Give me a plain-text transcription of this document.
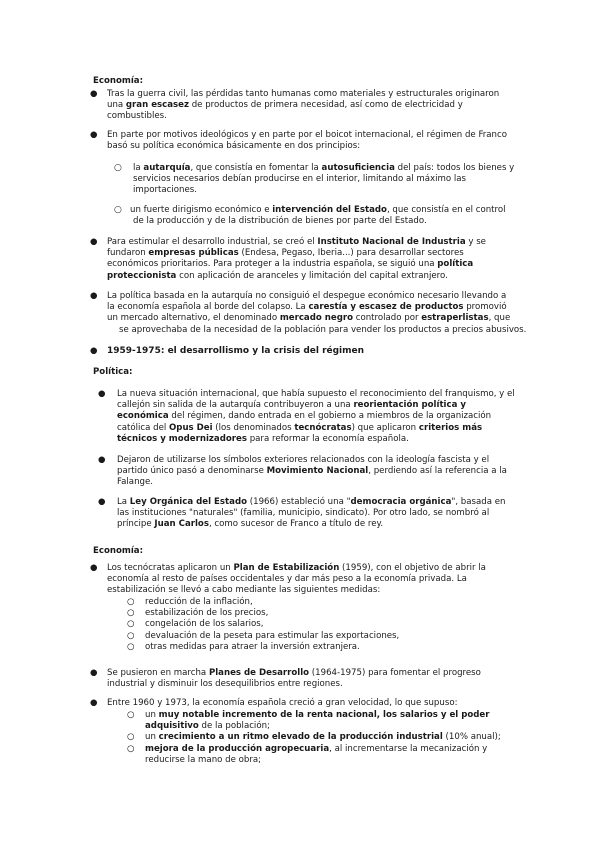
Economía:

● Tras la guerra civil, las pérdidas tanto humanas como materiales y estructurales originaron

una gran escasez de productos de primera necesidad, así como de electricidad y

combustibles.

● En parte por motivos ideológicos y en parte por el boicot internacional, el régimen de Franco

basó su política económica básicamente en dos principios:

○ la autarquía, que consistía en fomentar la autosuficiencia del país: todos los bienes y

servicios necesarios debían producirse en el interior, limitando al máximo las

importaciones.

○ un fuerte dirigismo económico e intervención del Estado, que consistía en el control

de la producción y de la distribución de bienes por parte del Estado.

● Para estimular el desarrollo industrial, se creó el Instituto Nacional de Industria y se

fundaron empresas públicas (Endesa, Pegaso, Iberia...) para desarrollar sectores

económicos prioritarios. Para proteger a la industria española, se siguió una política

proteccionista con aplicación de aranceles y limitación del capital extranjero.

● La política basada en la autarquía no consiguió el despegue económico necesario llevando a

la economía española al borde del colapso. La carestía y escasez de productos promovió

un mercado alternativo, el denominado mercado negro controlado por estraperlistas, que

se aprovechaba de la necesidad de la población para vender los productos a precios abusivos.

● 1959-1975: el desarrollismo y la crisis del régimen

Política:

● La nueva situación internacional, que había supuesto el reconocimiento del franquismo, y el

callejón sin salida de la autarquía contribuyeron a una reorientación política y

económica del régimen, dando entrada en el gobierno a miembros de la organización

católica del Opus Dei (los denominados tecnócratas) que aplicaron criterios más

técnicos y modernizadores para reformar la economía española.

● Dejaron de utilizarse los símbolos exteriores relacionados con la ideología fascista y el

partido único pasó a denominarse Movimiento Nacional, perdiendo así la referencia a la

Falange.

● La Ley Orgánica del Estado (1966) estableció una "democracia orgánica", basada en

las instituciones "naturales" (familia, municipio, sindicato). Por otro lado, se nombró al

príncipe Juan Carlos, como sucesor de Franco a título de rey.

Economía:

● Los tecnócratas aplicaron un Plan de Estabilización (1959), con el objetivo de abrir la

economía al resto de países occidentales y dar más peso a la economía privada. La

estabilización se llevó a cabo mediante las siguientes medidas:

○ reducción de la inflación,
○ estabilización de los precios,
○ congelación de los salarios,
○ devaluación de la peseta para estimular las exportaciones,
○ otras medidas para atraer la inversión extranjera.
● Se pusieron en marcha Planes de Desarrollo (1964-1975) para fomentar el progreso

industrial y disminuir los desequilibrios entre regiones.

● Entre 1960 y 1973, la economía española creció a gran velocidad, lo que supuso:

○ un muy notable incremento de la renta nacional, los salarios y el poder
adquisitivo de la población;
○ un crecimiento a un ritmo elevado de la producción industrial (10% anual);
○ mejora de la producción agropecuaria, al incrementarse la mecanización y
reducirse la mano de obra;
